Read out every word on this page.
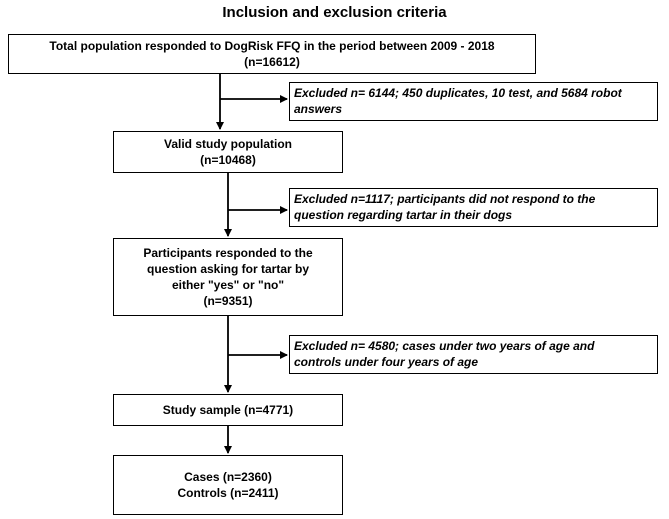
Inclusion and exclusion criteria
Total population responded to DogRisk FFQ in the period between 2009 - 2018
(n=16612)
Excluded n= 6144; 450 duplicates, 10 test, and 5684 robot
answers
Valid study population
(n=10468)
Excluded n=1117; participants did not respond to the
question regarding tartar in their dogs
Participants responded to the
question asking for tartar by
either "yes" or "no"
(n=9351)
Excluded n= 4580; cases under two years of age and
controls under four years of age
Study sample (n=4771)
Cases (n=2360)
Controls (n=2411)
